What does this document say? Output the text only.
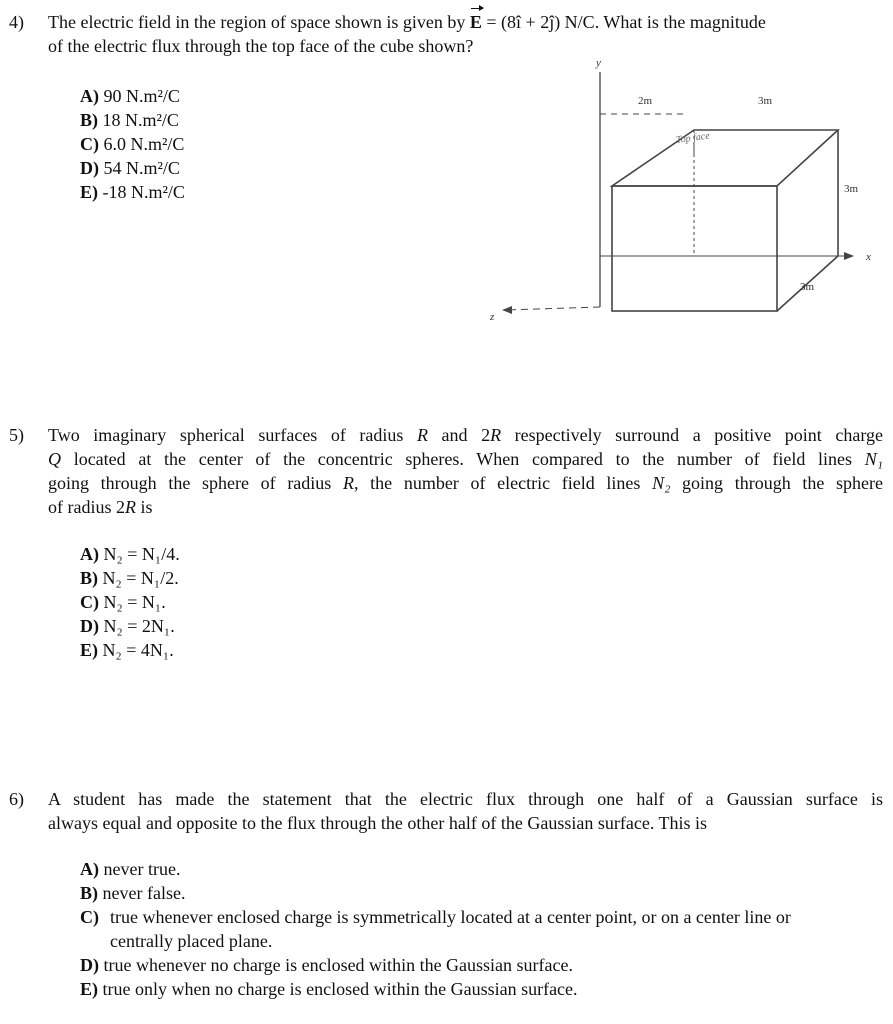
4) The electric field in the region of space shown is given by E = (8î + 2ĵ) N/C. What is the magnitude
of the electric flux through the top face of the cube shown?
A) 90 N.m²/C
B) 18 N.m²/C
C) 6.0 N.m²/C
D) 54 N.m²/C
E) -18 N.m²/C
y
x
z
2m	3m
3m
3m
Top face
5) Two imaginary spherical surfaces of radius R and 2R respectively surround a positive point charge
Q located at the center of the concentric spheres. When compared to the number of field lines N₁
going through the sphere of radius R, the number of electric field lines N₂ going through the sphere
of radius 2R is
A) N₂ = N₁/4.
B) N₂ = N₁/2.
C) N₂ = N₁.
D) N₂ = 2N₁.
E) N₂ = 4N₁.
6) A student has made the statement that the electric flux through one half of a Gaussian surface is
always equal and opposite to the flux through the other half of the Gaussian surface. This is
A) never true.
B) never false.
C) true whenever enclosed charge is symmetrically located at a center point, or on a center line or centrally placed plane.
D) true whenever no charge is enclosed within the Gaussian surface.
E) true only when no charge is enclosed within the Gaussian surface.
